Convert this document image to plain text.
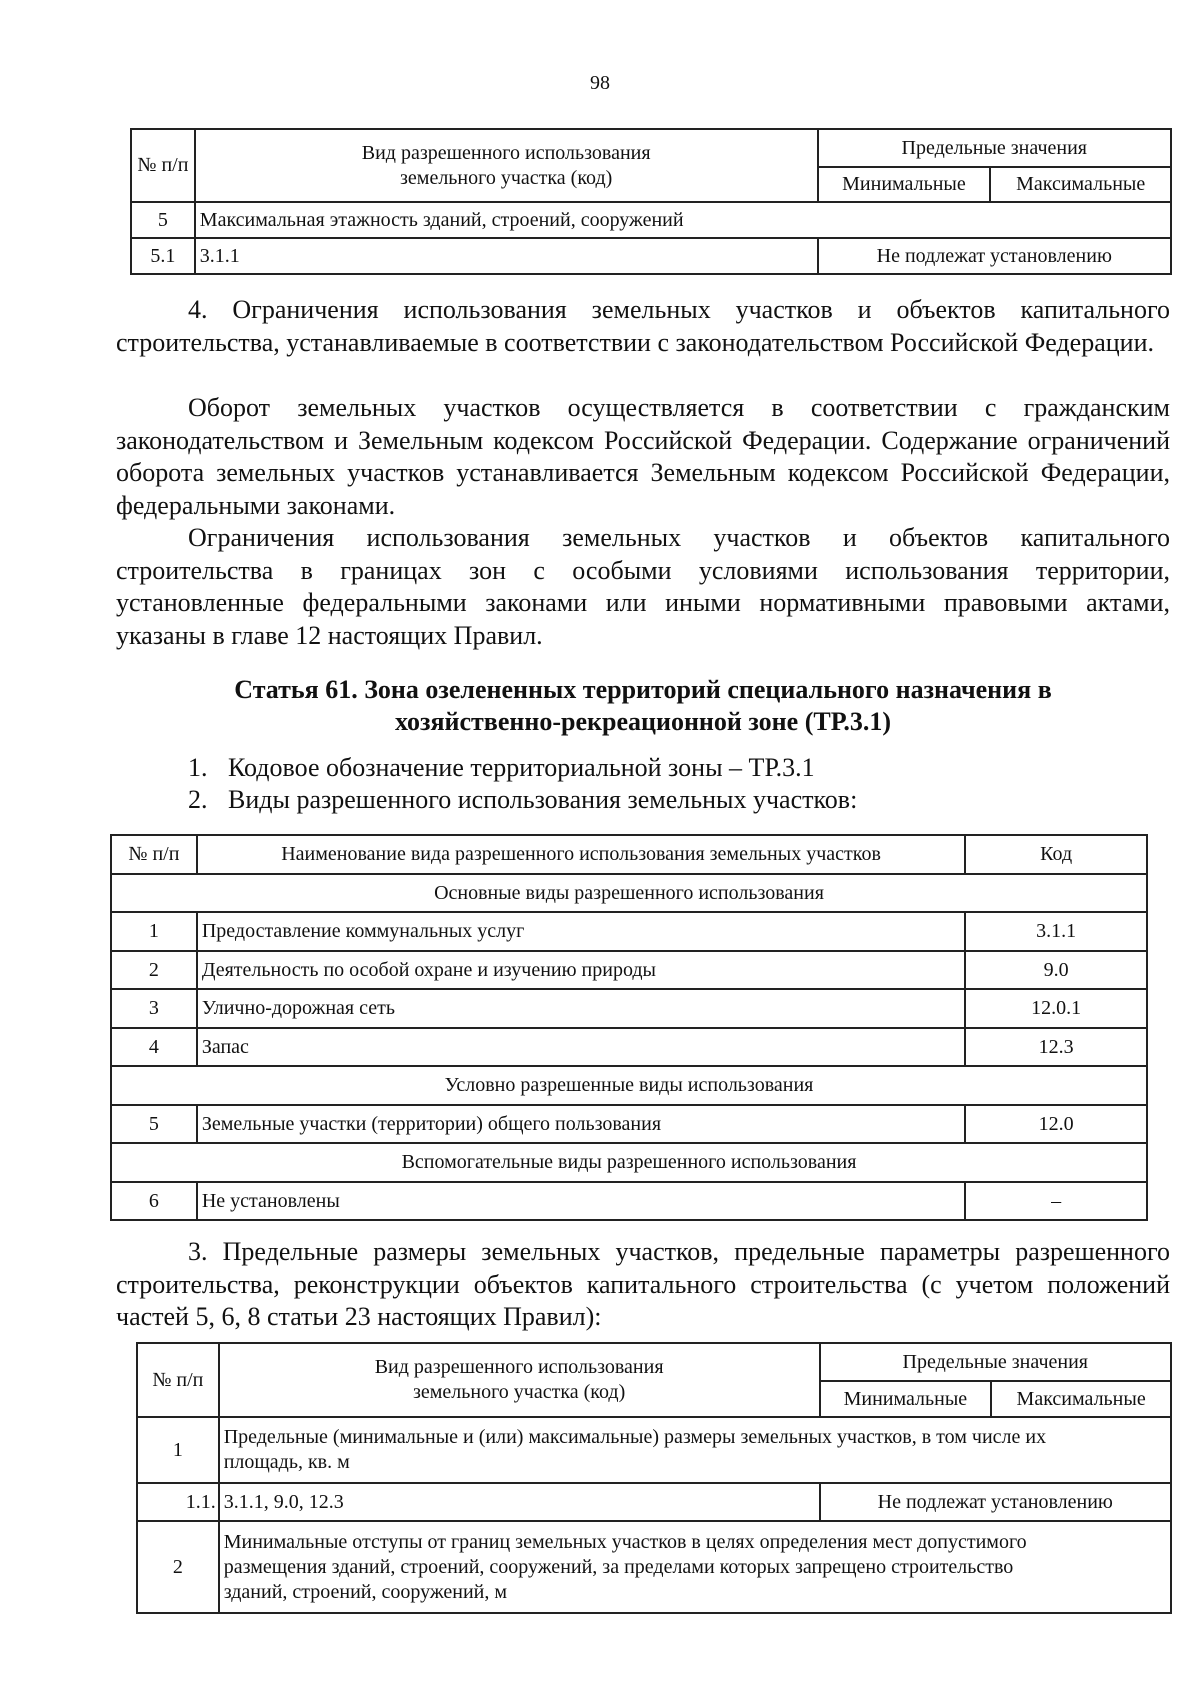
98
№ п/п	Вид разрешенного использования земельного участка (код)	Предельные значения	
		Минимальные	Максимальные
5	Максимальная этажность зданий, строений, сооружений		
5.1	3.1.1	Не подлежат установлению	

4. Ограничения использования земельных участков и объектов капитального строительства, устанавливаемые в соответствии с законодательством Российской Федерации.

Оборот земельных участков осуществляется в соответствии с гражданским законодательством и Земельным кодексом Российской Федерации. Содержание ограничений оборота земельных участков устанавливается Земельным кодексом Российской Федерации, федеральными законами.

Ограничения использования земельных участков и объектов капитального строительства в границах зон с особыми условиями использования территории, установленные федеральными законами или иными нормативными правовыми актами, указаны в главе 12 настоящих Правил.

Статья 61. Зона озелененных территорий специального назначения в
хозяйственно-рекреационной зоне (ТР.3.1)

1. Кодовое обозначение территориальной зоны – ТР.3.1

2. Виды разрешенного использования земельных участков:

№ п/п	Наименование вида разрешенного использования земельных участков	Код
Основные виды разрешенного использования		
1	Предоставление коммунальных услуг	3.1.1
2	Деятельность по особой охране и изучению природы	9.0
3	Улично-дорожная сеть	12.0.1
4	Запас	12.3
Условно разрешенные виды использования		
5	Земельные участки (территории) общего пользования	12.0
Вспомогательные виды разрешенного использования		
6	Не установлены	–

3. Предельные размеры земельных участков, предельные параметры разрешенного строительства, реконструкции объектов капитального строительства (с учетом положений частей 5, 6, 8 статьи 23 настоящих Правил):

№ п/п	Вид разрешенного использования земельного участка (код)	Предельные значения	
		Минимальные	Максимальные
1	Предельные (минимальные и (или) максимальные) размеры земельных участков, в том числе их площадь, кв. м		
1.1.	3.1.1, 9.0, 12.3	Не подлежат установлению	
2	Минимальные отступы от границ земельных участков в целях определения мест допустимого размещения зданий, строений, сооружений, за пределами которых запрещено строительство зданий, строений, сооружений, м		
